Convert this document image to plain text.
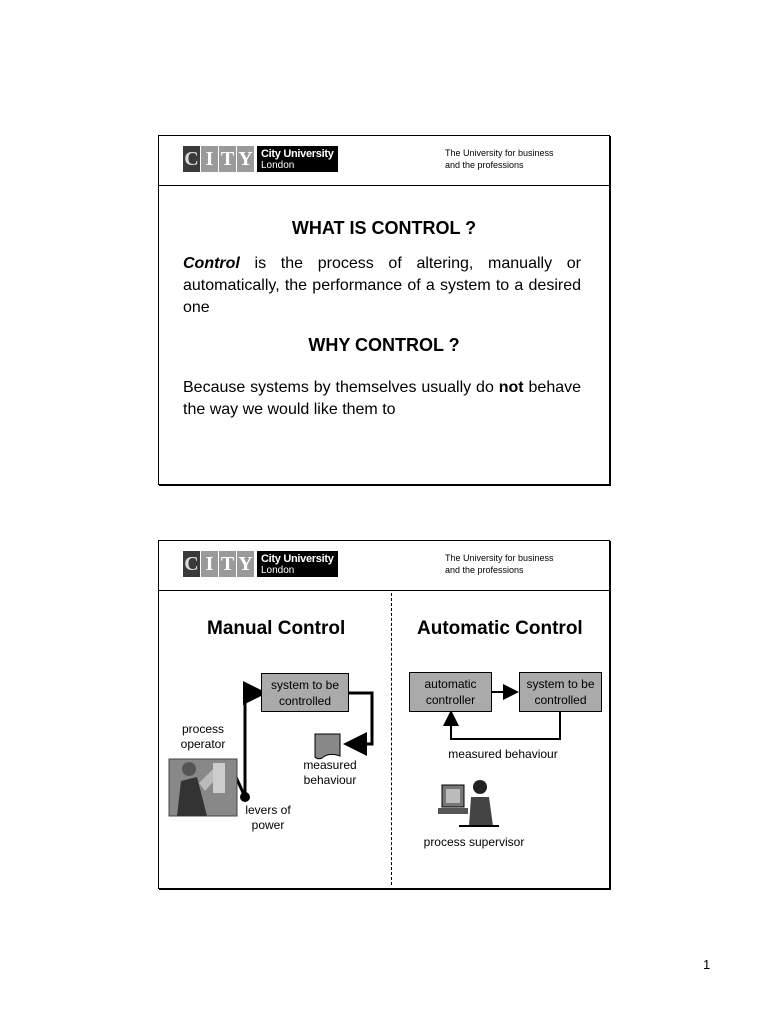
C I T Y City University
London
The University for business
and the professions
WHAT IS CONTROL ?
Control is the process of altering, manually or automatically, the performance of a system to a desired one
WHY CONTROL ?
Because systems by themselves usually do not behave the way we would like them to
C I T Y City University
London
The University for business
and the professions
Manual Control	Automatic Control
system to be
controlled
process
operator
measured
behaviour
levers of
power
automatic
controller
system to be
controlled
measured behaviour
process supervisor
1
